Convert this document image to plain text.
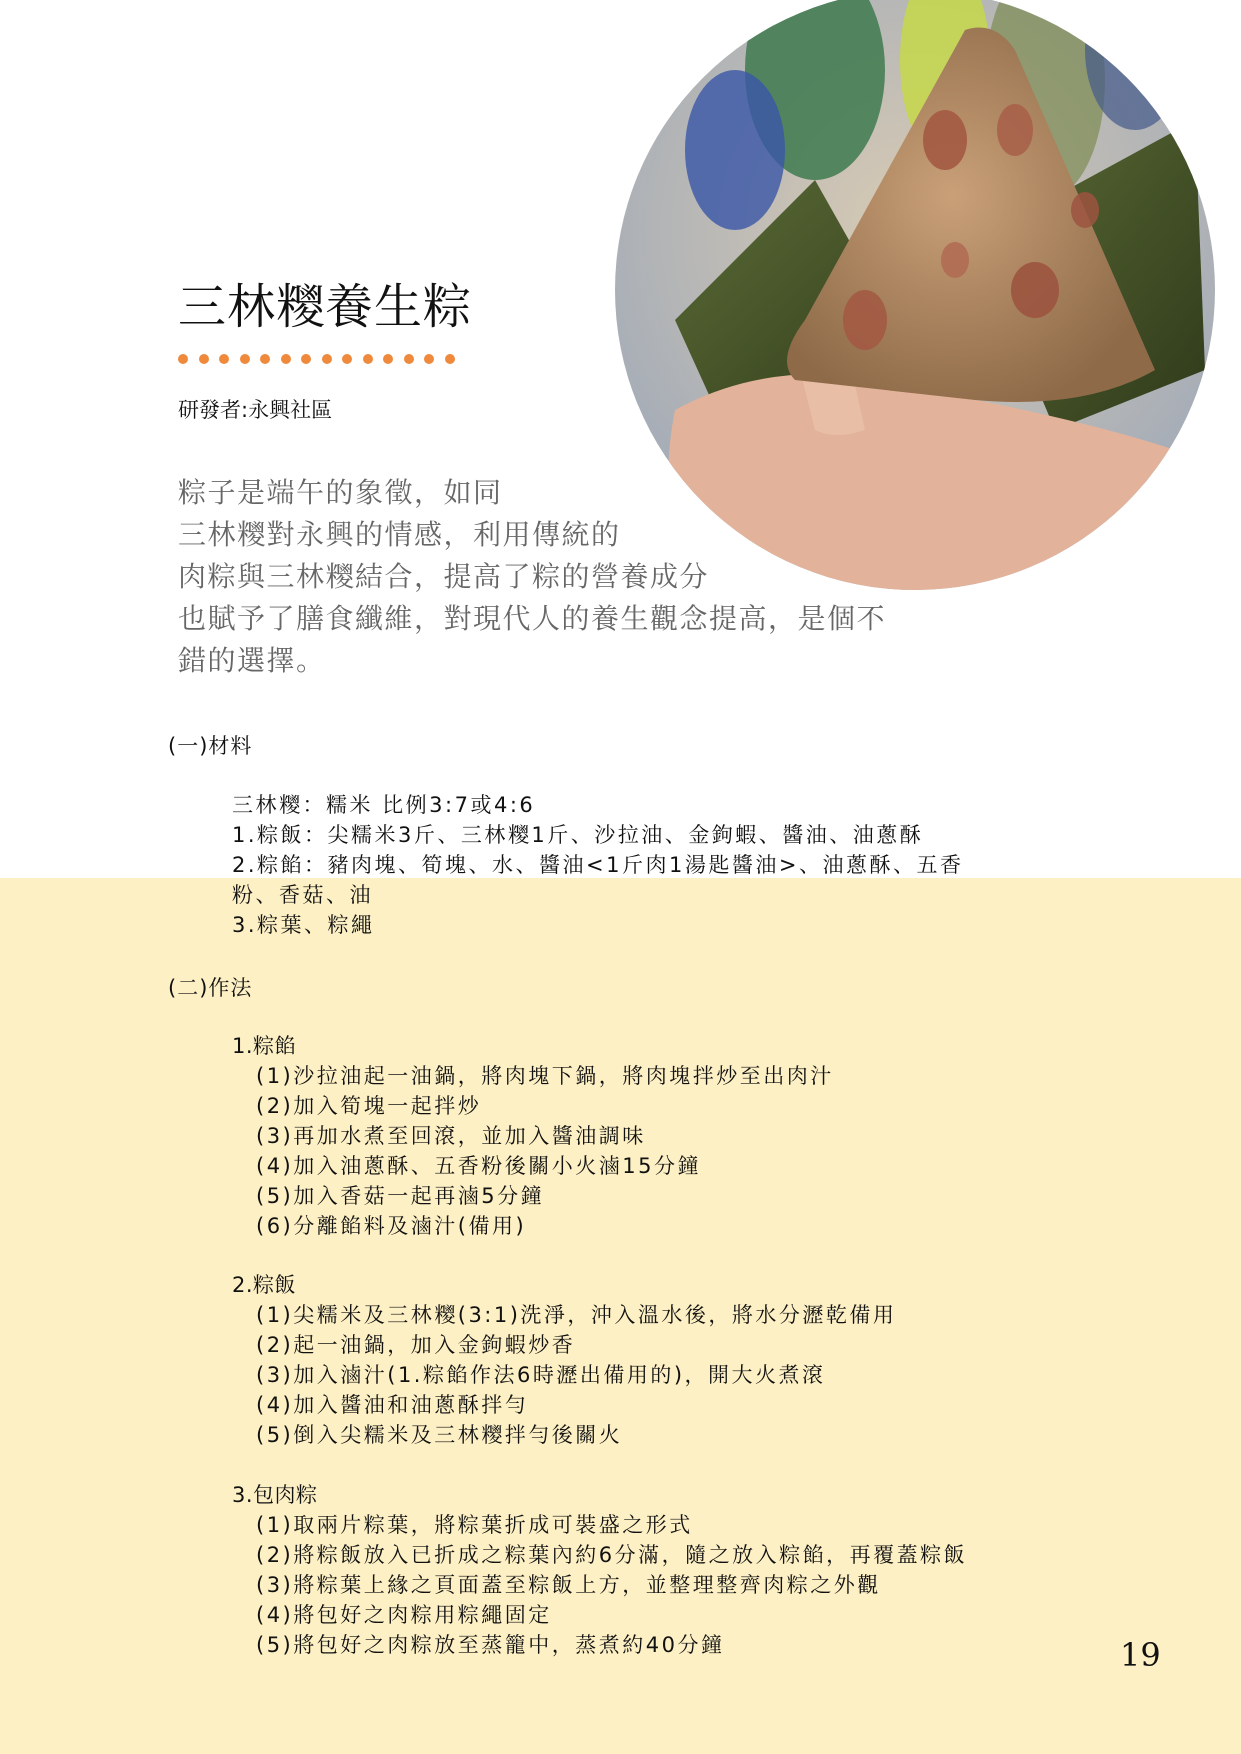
三林糭養生粽
研發者:永興社區
粽子是端午的象徵，如同
三林糭對永興的情感，利用傳統的
肉粽與三林糭結合，提高了粽的營養成分
也賦予了膳食纖維，對現代人的養生觀念提高，是個不
錯的選擇。
(一)材料
三林糭：糯米 比例3:7或4:6
1.粽飯：尖糯米3斤、三林糭1斤、沙拉油、金鉤蝦、醬油、油蔥酥
2.粽餡：豬肉塊、筍塊、水、醬油<1斤肉1湯匙醬油>、油蔥酥、五香
粉、香菇、油
3.粽葉、粽繩
(二)作法
1.粽餡
(1)沙拉油起一油鍋，將肉塊下鍋，將肉塊拌炒至出肉汁
(2)加入筍塊一起拌炒
(3)再加水煮至回滾，並加入醬油調味
(4)加入油蔥酥、五香粉後關小火滷15分鐘
(5)加入香菇一起再滷5分鐘
(6)分離餡料及滷汁(備用)
2.粽飯
(1)尖糯米及三林糭(3:1)洗淨，沖入溫水後，將水分瀝乾備用
(2)起一油鍋，加入金鉤蝦炒香
(3)加入滷汁(1.粽餡作法6時瀝出備用的)，開大火煮滾
(4)加入醬油和油蔥酥拌勻
(5)倒入尖糯米及三林糭拌勻後關火
3.包肉粽
(1)取兩片粽葉，將粽葉折成可裝盛之形式
(2)將粽飯放入已折成之粽葉內約6分滿，隨之放入粽餡，再覆蓋粽飯
(3)將粽葉上緣之頁面蓋至粽飯上方，並整理整齊肉粽之外觀
(4)將包好之肉粽用粽繩固定
(5)將包好之肉粽放至蒸籠中，蒸煮約40分鐘	19
